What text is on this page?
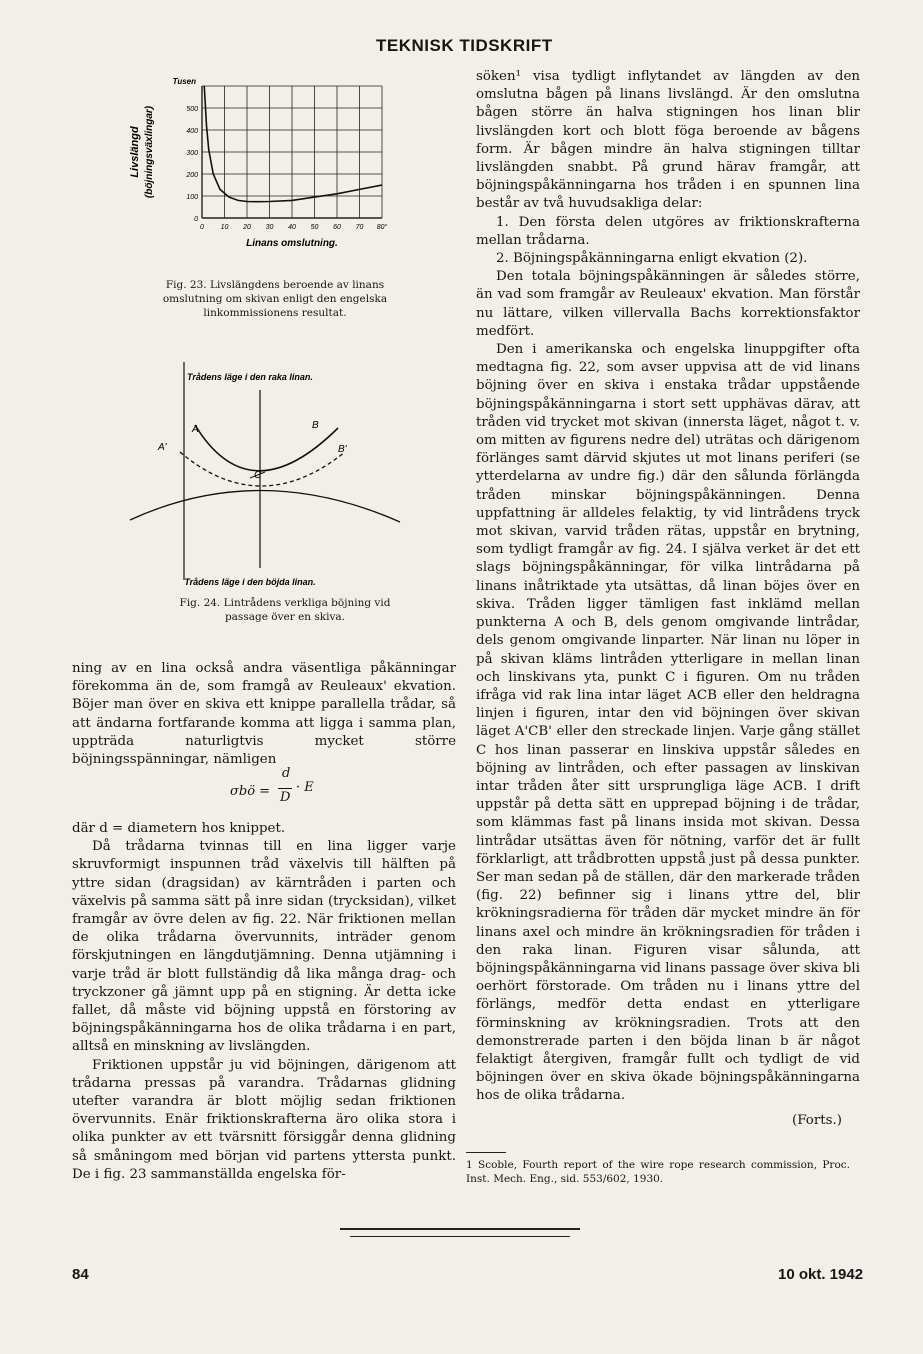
TEKNISK TIDSKRIFT
0 10 20 30 40 50 60 70 80°
0
100
200
300
400
500
Tusen
Livslängd (böjningsväxlingar)
Linans omslutning.
Fig. 23. Livslängdens beroende av linans omslutning om skivan enligt den engelska linkommissionens resultat.
Trådens läge i den raka linan.
A
A'
B
B'
C
Trådens läge i den böjda linan.
Fig. 24. Lintrådens verkliga böjning vid passage över en skiva.

ning av en lina också andra väsentliga påkänningar förekomma än de, som framgå av Reuleaux' ekvation. Böjer man över en skiva ett knippe parallella trådar, så att ändarna fortfarande komma att ligga i samma plan, uppträda naturligtvis mycket större böjningsspänningar, nämligen

σbö =
d
D
· E

där d = diametern hos knippet.

Då trådarna tvinnas till en lina ligger varje skruvformigt inspunnen tråd växelvis till hälften på yttre sidan (dragsidan) av kärntråden i parten och växelvis på samma sätt på inre sidan (trycksidan), vilket framgår av övre delen av fig. 22. När friktionen mellan de olika trådarna övervunnits, inträder genom förskjutningen en längdutjämning. Denna utjämning i varje tråd är blott fullständig då lika många drag- och tryckzoner gå jämnt upp på en stigning. Är detta icke fallet, då måste vid böjning uppstå en förstoring av böjningspåkänningarna hos de olika trådarna i en part, alltså en minskning av livslängden.

Friktionen uppstår ju vid böjningen, därigenom att trådarna pressas på varandra. Trådarnas glidning utefter varandra är blott möjlig sedan friktionen övervunnits. Enär friktionskrafterna äro olika stora i olika punkter av ett tvärsnitt försiggår denna glidning så småningom med början vid partens yttersta punkt. De i fig. 23 sammanställda engelska för-

söken¹ visa tydligt inflytandet av längden av den omslutna bågen på linans livslängd. Är den omslutna bågen större än halva stigningen hos linan blir livslängden kort och blott föga beroende av bågens form. Är bågen mindre än halva stigningen tilltar livslängden snabbt. På grund härav framgår, att böjningspåkänningarna hos tråden i en spunnen lina består av två huvudsakliga delar:

1. Den första delen utgöres av friktionskrafterna mellan trådarna.

2. Böjningspåkänningarna enligt ekvation (2).

Den totala böjningspåkänningen är således större, än vad som framgår av Reuleaux' ekvation. Man förstår nu lättare, vilken villervalla Bachs korrektionsfaktor medfört.

Den i amerikanska och engelska linuppgifter ofta medtagna fig. 22, som avser uppvisa att de vid linans böjning över en skiva i enstaka trådar uppstående böjningspåkänningarna i stort sett upphävas därav, att tråden vid trycket mot skivan (innersta läget, något t. v. om mitten av figurens nedre del) uträtas och därigenom förlänges samt därvid skjutes ut mot linans periferi (se ytterdelarna av undre fig.) där den sålunda förlängda tråden minskar böjningspåkänningen. Denna uppfattning är alldeles felaktig, ty vid lintrådens tryck mot skivan, varvid tråden rätas, uppstår en brytning, som tydligt framgår av fig. 24. I själva verket är det ett slags böjningspåkänningar, för vilka lintrådarna på linans inåtriktade yta utsättas, då linan böjes över en skiva. Tråden ligger tämligen fast inklämd mellan punkterna A och B, dels genom omgivande lintrådar, dels genom omgivande linparter. När linan nu löper in på skivan kläms lintråden ytterligare in mellan linan och linskivans yta, punkt C i figuren. Om nu tråden ifråga vid rak lina intar läget ACB eller den heldragna linjen i figuren, intar den vid böjningen över skivan läget A'CB' eller den streckade linjen. Varje gång stället C hos linan passerar en linskiva uppstår således en böjning av lintråden, och efter passagen av linskivan intar tråden åter sitt ursprungliga läge ACB. I drift uppstår på detta sätt en upprepad böjning i de trådar, som klämmas fast på linans insida mot skivan. Dessa lintrådar utsättas även för nötning, varför det är fullt förklarligt, att trådbrotten uppstå just på dessa punkter. Ser man sedan på de ställen, där den markerade tråden (fig. 22) befinner sig i linans yttre del, blir krökningsradierna för tråden där mycket mindre än för linans axel och mindre än krökningsradien för tråden i den raka linan. Figuren visar sålunda, att böjningspåkänningarna vid linans passage över skiva bli oerhört förstorade. Om tråden nu i linans yttre del förlängs, medför detta endast en ytterligare förminskning av krökningsradien. Trots att den demonstrerade parten i den böjda linan b är något felaktigt återgiven, framgår fullt och tydligt de vid böjningen över en skiva ökade böjningspåkänningarna hos de olika trådarna.

(Forts.)

1 Scoble, Fourth report of the wire rope research commission, Proc. Inst. Mech. Eng., sid. 553/602, 1930.
84	10 okt. 1942
